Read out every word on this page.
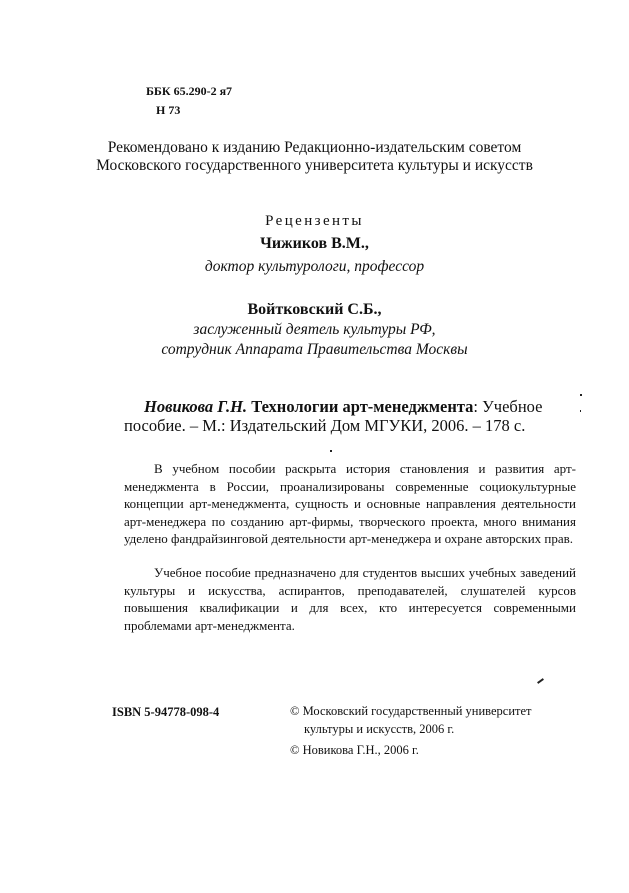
ББК 65.290-2 я7
Н 73
Рекомендовано к изданию Редакционно-издательским советом
Московского государственного университета культуры и искусств
Рецензенты
Чижиков В.М.,
доктор культурологи, профессор
Войтковский С.Б.,
заслуженный деятель культуры РФ,
сотрудник Аппарата Правительства Москвы
Новикова Г.Н. Технологии арт-менеджмента: Учебное
пособие. – М.: Издательский Дом МГУКИ, 2006. – 178 с.
В учебном пособии раскрыта история становления и развития арт-менеджмента в России, проанализированы современные социокультурные концепции арт-менеджмента, сущность и основные направления деятельности арт-менеджера по созданию арт-фирмы, творческого проекта, много внимания уделено фандрайзинговой деятельности арт-менеджера и охране авторских прав.
Учебное пособие предназначено для студентов высших учебных заведений культуры и искусства, аспирантов, преподавателей, слушателей курсов повышения квалификации и для всех, кто интересуется современными проблемами арт-менеджмента.
ISBN 5-94778-098-4	© Московский государственный университет
культуры и искусств, 2006 г.
© Новикова Г.Н., 2006 г.
